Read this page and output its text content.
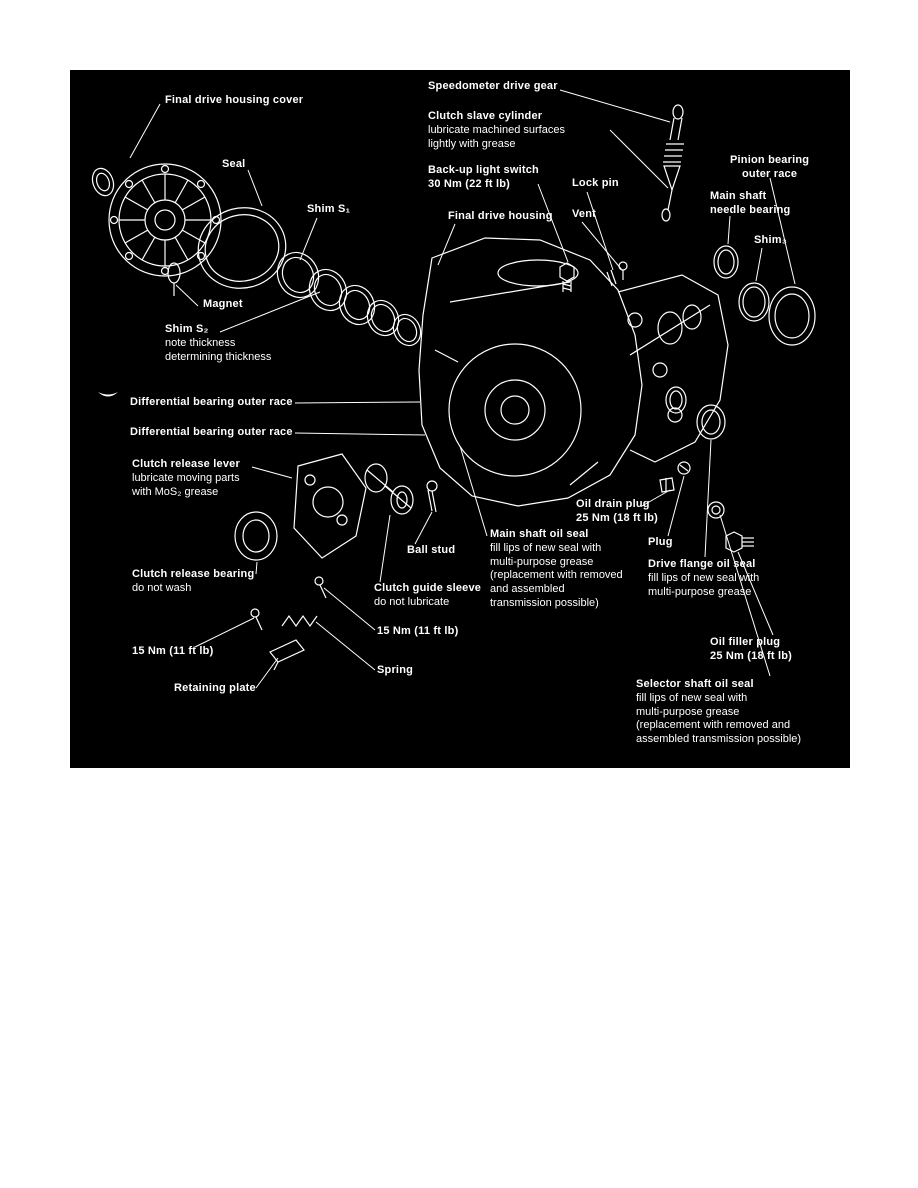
Final drive housing cover
Seal
Shim S₁
Speedometer drive gear
Clutch slave cylinder
lubricate machined surfaces
lightly with grease
Back-up light switch
30 Nm (22 ft lb)
Final drive housing
Lock pin
Vent
Pinion bearing
outer race
Main shaft
needle bearing
Shim₃
Magnet
Shim S₂
note thickness
determining thickness
Differential bearing outer race
Differential bearing outer race
Clutch release lever
lubricate moving parts
with MoS₂ grease
Oil drain plug
25 Nm (18 ft lb)
Main shaft oil seal
fill lips of new seal with
multi-purpose grease
(replacement with removed
and assembled
transmission possible)
Plug
Drive flange oil seal
fill lips of new seal with
multi-purpose grease
Ball stud
Clutch release bearing
do not wash	Clutch guide sleeve
do not lubricate
15 Nm (11 ft lb)
15 Nm (11 ft lb)
Spring
Retaining plate
Oil filler plug
25 Nm (18 ft lb)
Selector shaft oil seal
fill lips of new seal with
multi-purpose grease
(replacement with removed and
assembled transmission possible)
